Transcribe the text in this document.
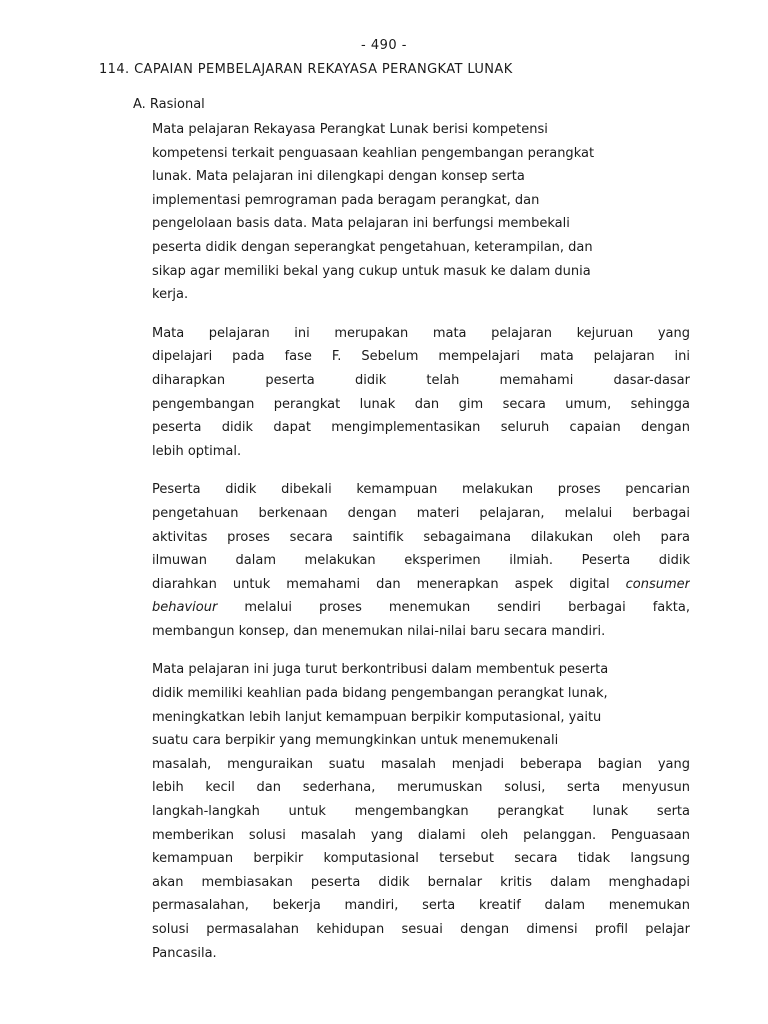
- 490 -
114. CAPAIAN PEMBELAJARAN REKAYASA PERANGKAT LUNAK
A. Rasional

Mata pelajaran Rekayasa Perangkat Lunak berisi kompetensi
kompetensi terkait penguasaan keahlian pengembangan perangkat
lunak. Mata pelajaran ini dilengkapi dengan konsep serta
implementasi pemrograman pada beragam perangkat, dan
pengelolaan basis data. Mata pelajaran ini berfungsi membekali
peserta didik dengan seperangkat pengetahuan, keterampilan, dan
sikap agar memiliki bekal yang cukup untuk masuk ke dalam dunia
kerja.

Mata pelajaran ini merupakan mata pelajaran kejuruan yang
dipelajari pada fase F. Sebelum mempelajari mata pelajaran ini
diharapkan peserta didik telah memahami dasar-dasar
pengembangan perangkat lunak dan gim secara umum, sehingga
peserta didik dapat mengimplementasikan seluruh capaian dengan
lebih optimal.

Peserta didik dibekali kemampuan melakukan proses pencarian
pengetahuan berkenaan dengan materi pelajaran, melalui berbagai
aktivitas proses secara saintifik sebagaimana dilakukan oleh para
ilmuwan dalam melakukan eksperimen ilmiah. Peserta didik
diarahkan untuk memahami dan menerapkan aspek digital consumer
behaviour melalui proses menemukan sendiri berbagai fakta,
membangun konsep, dan menemukan nilai-nilai baru secara mandiri.

Mata pelajaran ini juga turut berkontribusi dalam membentuk peserta
didik memiliki keahlian pada bidang pengembangan perangkat lunak,
meningkatkan lebih lanjut kemampuan berpikir komputasional, yaitu
suatu cara berpikir yang memungkinkan untuk menemukenali
masalah, menguraikan suatu masalah menjadi beberapa bagian yang
lebih kecil dan sederhana, merumuskan solusi, serta menyusun
langkah-langkah untuk mengembangkan perangkat lunak serta
memberikan solusi masalah yang dialami oleh pelanggan. Penguasaan
kemampuan berpikir komputasional tersebut secara tidak langsung
akan membiasakan peserta didik bernalar kritis dalam menghadapi
permasalahan, bekerja mandiri, serta kreatif dalam menemukan
solusi permasalahan kehidupan sesuai dengan dimensi profil pelajar
Pancasila.
